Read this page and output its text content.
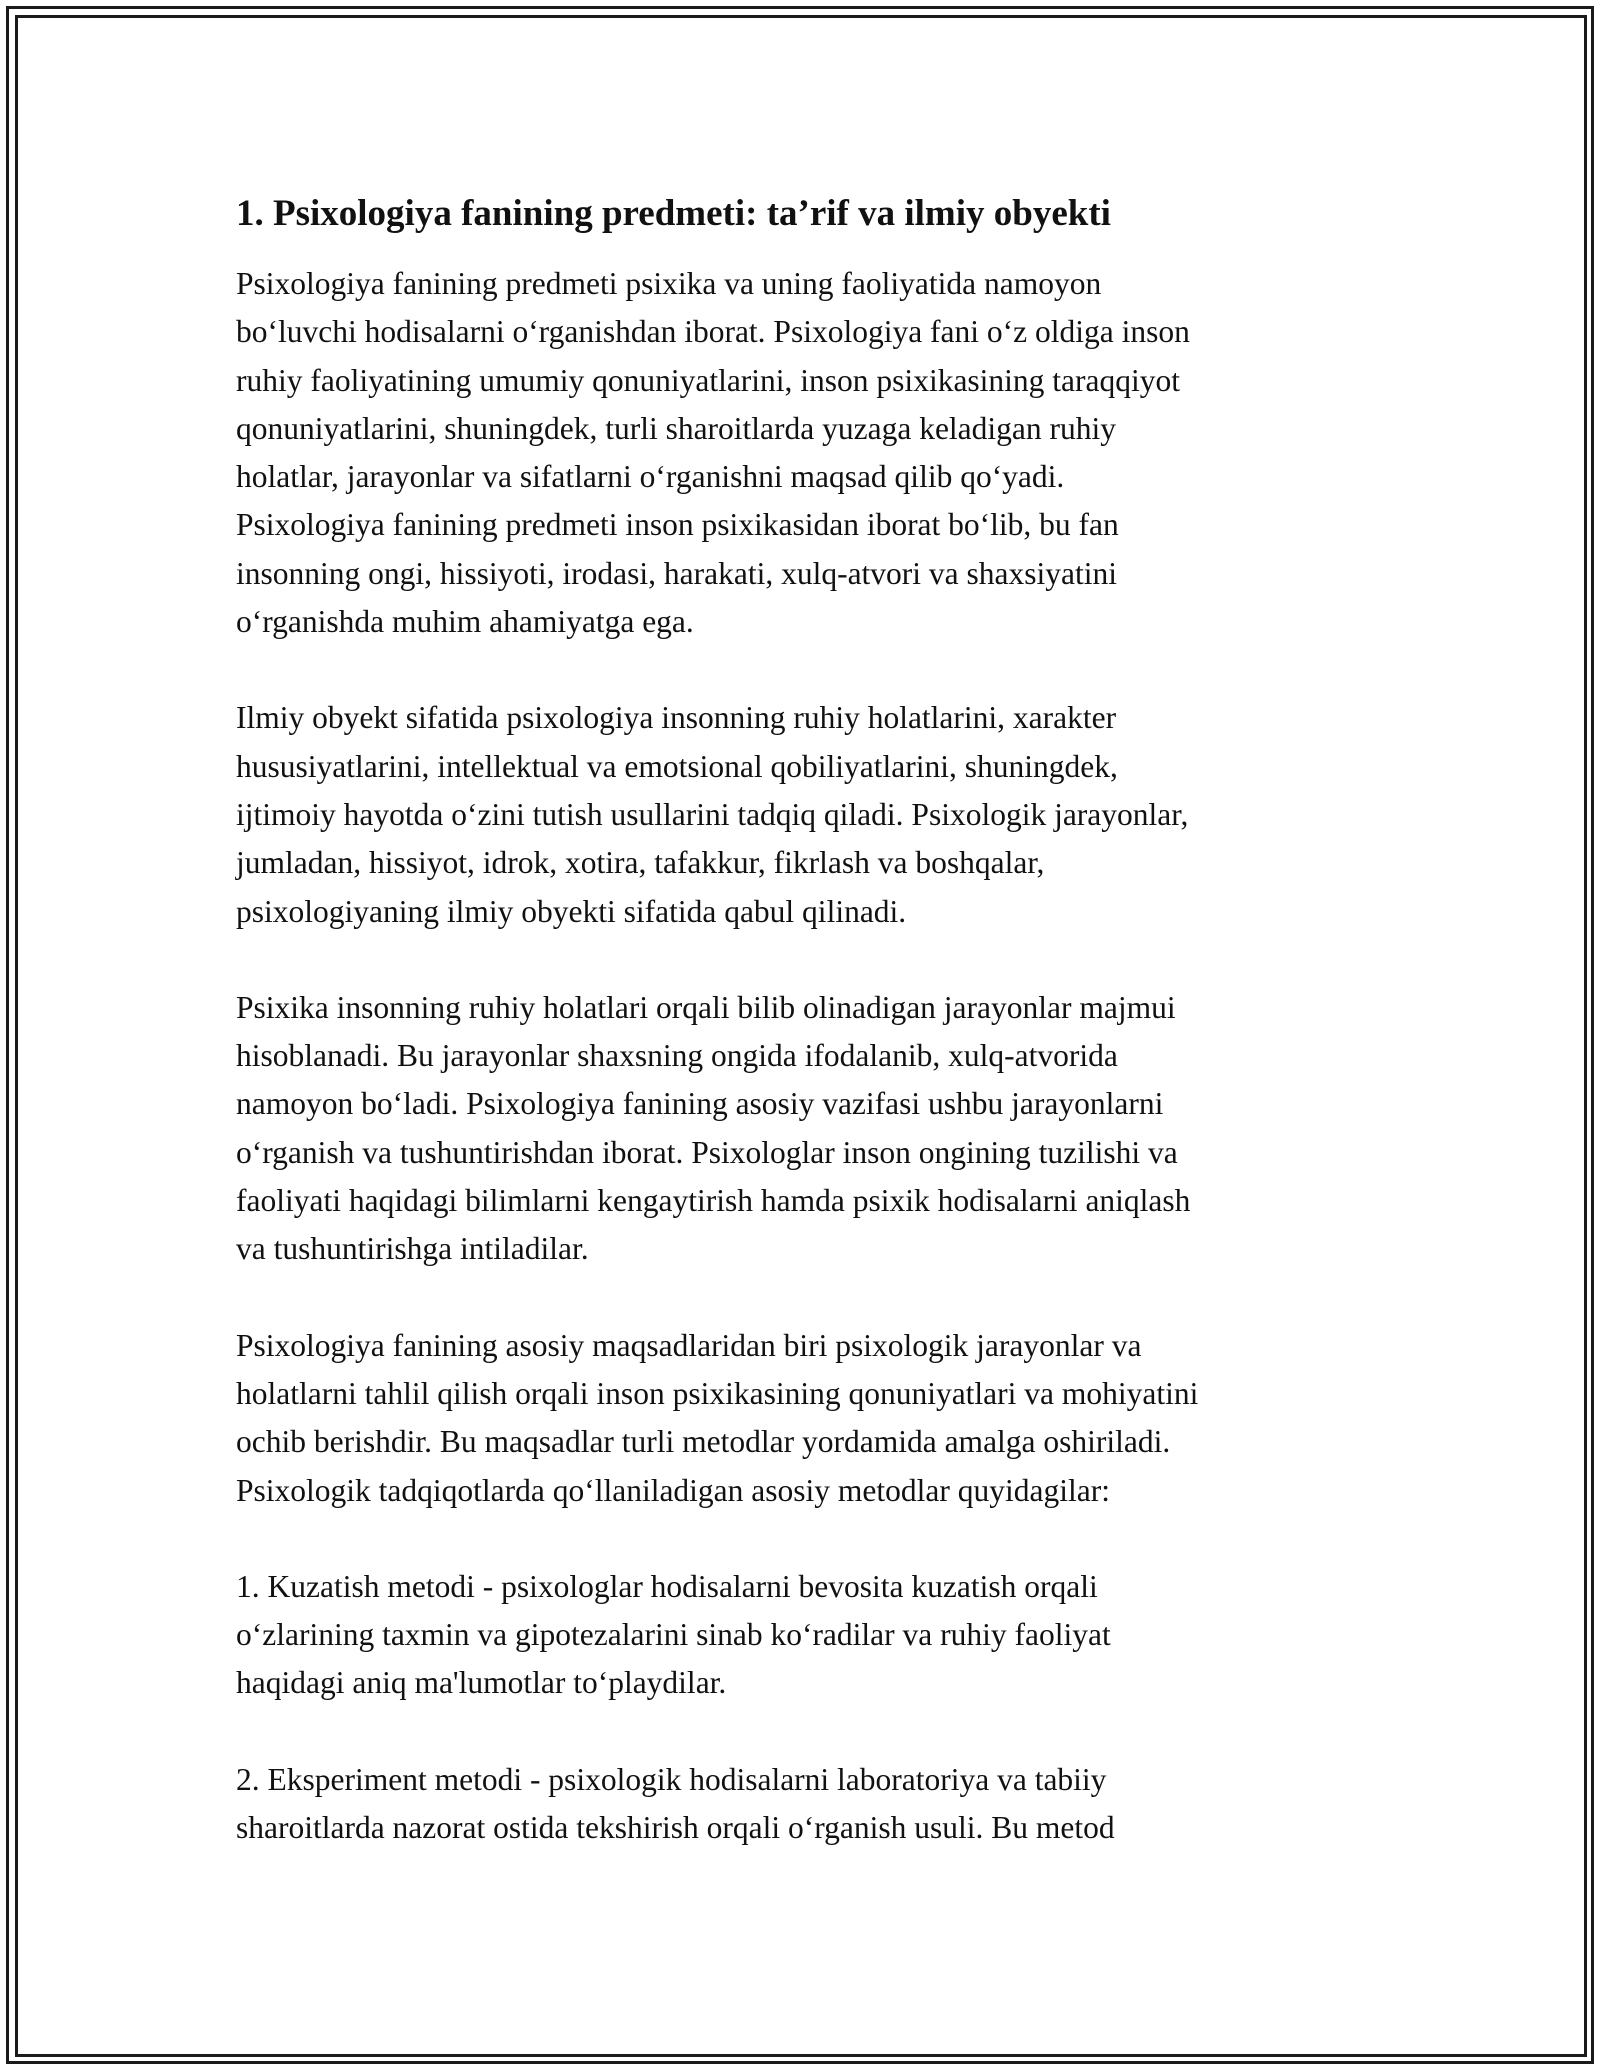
1. Psixologiya fanining predmeti: ta’rif va ilmiy obyekti

Psixologiya fanining predmeti psixika va uning faoliyatida namoyon
bo‘luvchi hodisalarni o‘rganishdan iborat. Psixologiya fani o‘z oldiga inson
ruhiy faoliyatining umumiy qonuniyatlarini, inson psixikasining taraqqiyot
qonuniyatlarini, shuningdek, turli sharoitlarda yuzaga keladigan ruhiy
holatlar, jarayonlar va sifatlarni o‘rganishni maqsad qilib qo‘yadi.
Psixologiya fanining predmeti inson psixikasidan iborat bo‘lib, bu fan
insonning ongi, hissiyoti, irodasi, harakati, xulq-atvori va shaxsiyatini
o‘rganishda muhim ahamiyatga ega.

Ilmiy obyekt sifatida psixologiya insonning ruhiy holatlarini, xarakter
hususiyatlarini, intellektual va emotsional qobiliyatlarini, shuningdek,
ijtimoiy hayotda o‘zini tutish usullarini tadqiq qiladi. Psixologik jarayonlar,
jumladan, hissiyot, idrok, xotira, tafakkur, fikrlash va boshqalar,
psixologiyaning ilmiy obyekti sifatida qabul qilinadi.

Psixika insonning ruhiy holatlari orqali bilib olinadigan jarayonlar majmui
hisoblanadi. Bu jarayonlar shaxsning ongida ifodalanib, xulq-atvorida
namoyon bo‘ladi. Psixologiya fanining asosiy vazifasi ushbu jarayonlarni
o‘rganish va tushuntirishdan iborat. Psixologlar inson ongining tuzilishi va
faoliyati haqidagi bilimlarni kengaytirish hamda psixik hodisalarni aniqlash
va tushuntirishga intiladilar.

Psixologiya fanining asosiy maqsadlaridan biri psixologik jarayonlar va
holatlarni tahlil qilish orqali inson psixikasining qonuniyatlari va mohiyatini
ochib berishdir. Bu maqsadlar turli metodlar yordamida amalga oshiriladi.
Psixologik tadqiqotlarda qo‘llaniladigan asosiy metodlar quyidagilar:

1. Kuzatish metodi - psixologlar hodisalarni bevosita kuzatish orqali
o‘zlarining taxmin va gipotezalarini sinab ko‘radilar va ruhiy faoliyat
haqidagi aniq ma'lumotlar to‘playdilar.

2. Eksperiment metodi - psixologik hodisalarni laboratoriya va tabiiy
sharoitlarda nazorat ostida tekshirish orqali o‘rganish usuli. Bu metod
